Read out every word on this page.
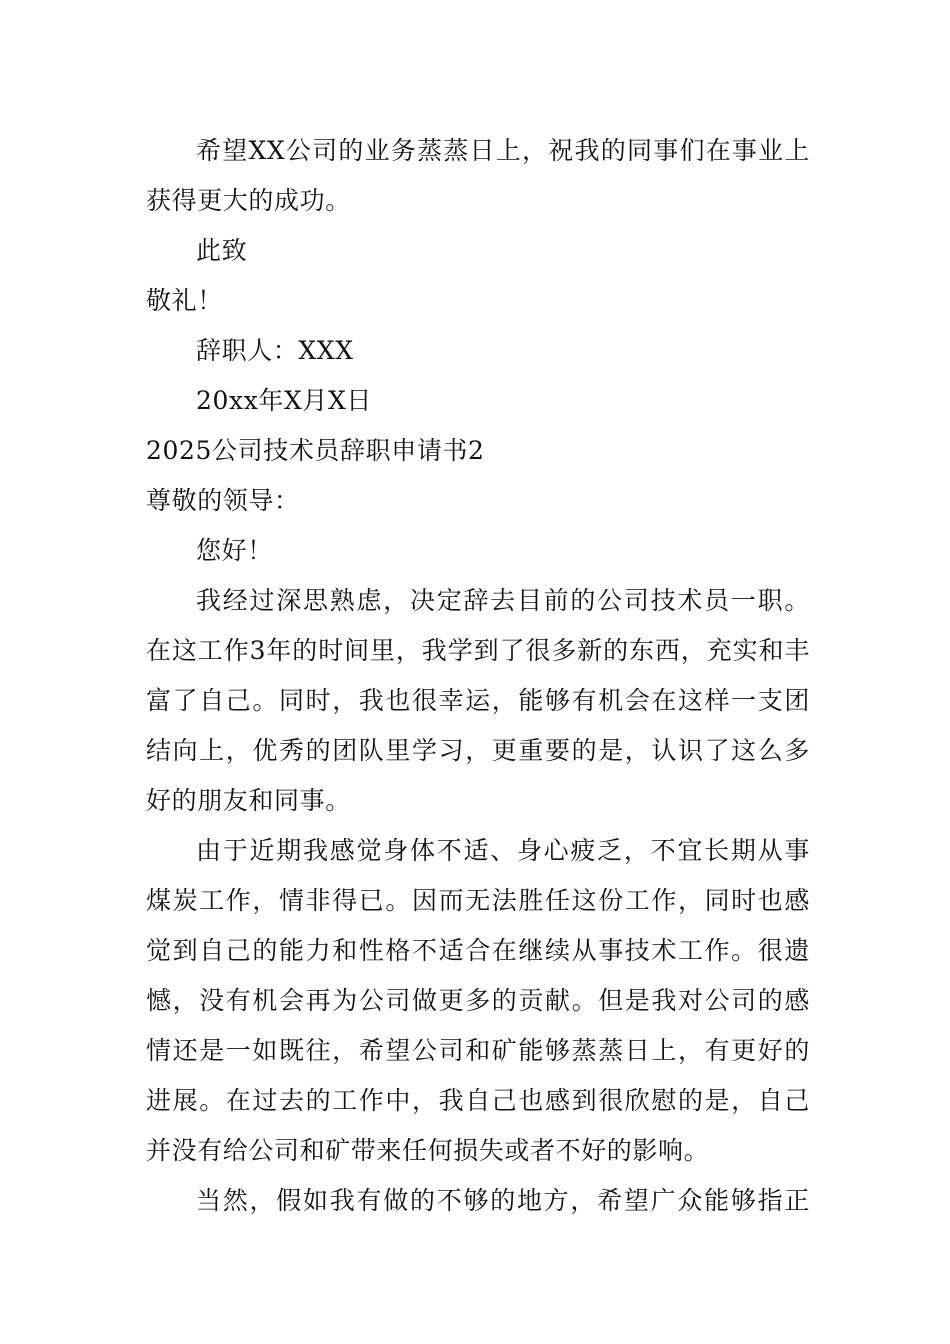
希望XX公司的业务蒸蒸日上，祝我的同事们在事业上
获得更大的成功。
此致
敬礼！
辞职人：XXX
20xx年X月X日
2025公司技术员辞职申请书2
尊敬的领导：
您好！
我经过深思熟虑，决定辞去目前的公司技术员一职。
在这工作3年的时间里，我学到了很多新的东西，充实和丰
富了自己。同时，我也很幸运，能够有机会在这样一支团
结向上，优秀的团队里学习，更重要的是，认识了这么多
好的朋友和同事。
由于近期我感觉身体不适、身心疲乏，不宜长期从事
煤炭工作，情非得已。因而无法胜任这份工作，同时也感
觉到自己的能力和性格不适合在继续从事技术工作。很遗
憾，没有机会再为公司做更多的贡献。但是我对公司的感
情还是一如既往，希望公司和矿能够蒸蒸日上，有更好的
进展。在过去的工作中，我自己也感到很欣慰的是，自己
并没有给公司和矿带来任何损失或者不好的影响。
当然，假如我有做的不够的地方，希望广众能够指正
